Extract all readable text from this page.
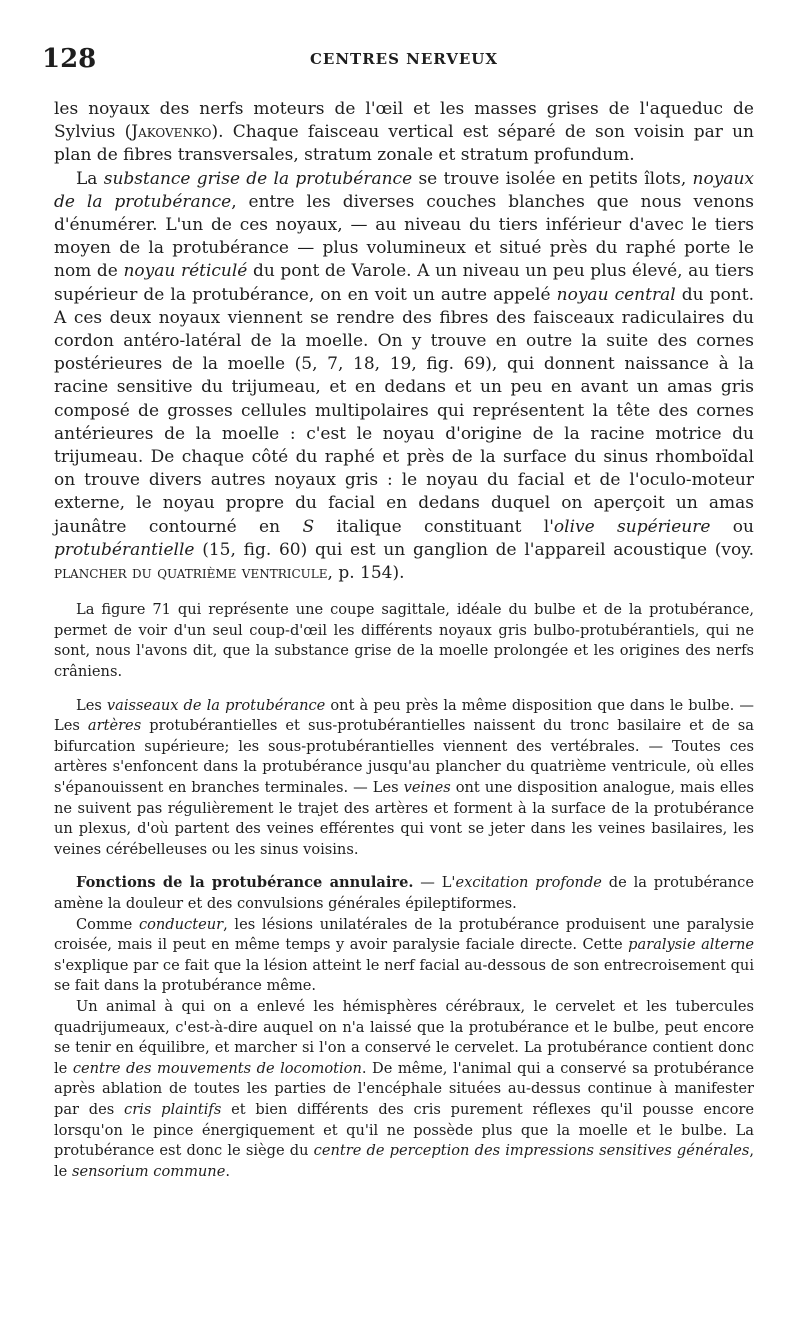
128	CENTRES NERVEUX

les noyaux des nerfs moteurs de l'œil et les masses grises de l'aqueduc de Sylvius (Jakovenko). Chaque faisceau vertical est séparé de son voisin par un plan de fibres transversales, stratum zonale et stratum profundum.

La substance grise de la protubérance se trouve isolée en petits îlots, noyaux de la protubérance, entre les diverses couches blanches que nous venons d'énumérer. L'un de ces noyaux, — au niveau du tiers inférieur d'avec le tiers moyen de la protubérance — plus volumineux et situé près du raphé porte le nom de noyau réticulé du pont de Varole. A un niveau un peu plus élevé, au tiers supérieur de la protubérance, on en voit un autre appelé noyau central du pont. A ces deux noyaux viennent se rendre des fibres des faisceaux radiculaires du cordon antéro-latéral de la moelle. On y trouve en outre la suite des cornes postérieures de la moelle (5, 7, 18, 19, fig. 69), qui donnent naissance à la racine sensitive du trijumeau, et en dedans et un peu en avant un amas gris composé de grosses cellules multipolaires qui représentent la tête des cornes antérieures de la moelle : c'est le noyau d'origine de la racine motrice du trijumeau. De chaque côté du raphé et près de la surface du sinus rhomboïdal on trouve divers autres noyaux gris : le noyau du facial et de l'oculo-moteur externe, le noyau propre du facial en dedans duquel on aperçoit un amas jaunâtre contourné en S italique constituant l'olive supérieure ou protubérantielle (15, fig. 60) qui est un ganglion de l'appareil acoustique (voy. plancher du quatrième ventricule, p. 154).

La figure 71 qui représente une coupe sagittale, idéale du bulbe et de la protubérance, permet de voir d'un seul coup-d'œil les différents noyaux gris bulbo-protubérantiels, qui ne sont, nous l'avons dit, que la substance grise de la moelle prolongée et les origines des nerfs crâniens.

Les vaisseaux de la protubérance ont à peu près la même disposition que dans le bulbe. — Les artères protubérantielles et sus-protubérantielles naissent du tronc basilaire et de sa bifurcation supérieure; les sous-protubérantielles viennent des vertébrales. — Toutes ces artères s'enfoncent dans la protubérance jusqu'au plancher du quatrième ventricule, où elles s'épanouissent en branches terminales. — Les veines ont une disposition analogue, mais elles ne suivent pas régulièrement le trajet des artères et forment à la surface de la protubérance un plexus, d'où partent des veines efférentes qui vont se jeter dans les veines basilaires, les veines cérébelleuses ou les sinus voisins.

Fonctions de la protubérance annulaire. — L'excitation profonde de la protubérance amène la douleur et des convulsions générales épileptiformes.

Comme conducteur, les lésions unilatérales de la protubérance produisent une paralysie croisée, mais il peut en même temps y avoir paralysie faciale directe. Cette paralysie alterne s'explique par ce fait que la lésion atteint le nerf facial au-dessous de son entrecroisement qui se fait dans la protubérance même.

Un animal à qui on a enlevé les hémisphères cérébraux, le cervelet et les tubercules quadrijumeaux, c'est-à-dire auquel on n'a laissé que la protubérance et le bulbe, peut encore se tenir en équilibre, et marcher si l'on a conservé le cervelet. La protubérance contient donc le centre des mouvements de locomotion. De même, l'animal qui a conservé sa protubérance après ablation de toutes les parties de l'encéphale situées au-dessus continue à manifester par des cris plaintifs et bien différents des cris purement réflexes qu'il pousse encore lorsqu'on le pince énergiquement et qu'il ne possède plus que la moelle et le bulbe. La protubérance est donc le siège du centre de perception des impressions sensitives générales, le sensorium commune.
